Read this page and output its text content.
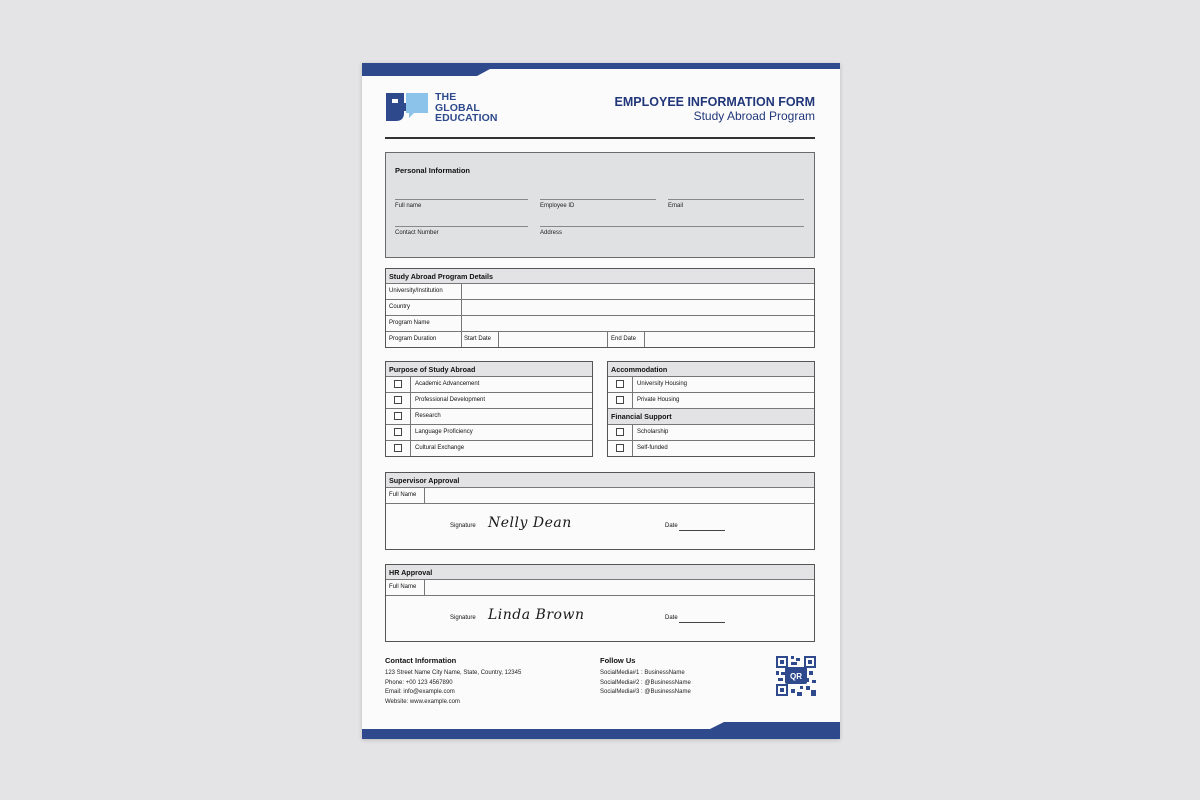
THE
GLOBAL
EDUCATION
EMPLOYEE INFORMATION FORM
Study Abroad Program
Personal Information
Full name	Employee ID	Email
Contact Number	Address
Study Abroad Program Details
University/Institution
Country
Program Name
Program Duration	Start Date	End Date
Purpose of Study Abroad
Academic Advancement
Professional Development
Research
Language Proficiency
Cultural Exchange
Accommodation
University Housing
Private Housing
Financial Support
Scholarship
Self-funded
Supervisor Approval
Full Name
Signature Nelly Dean	Date
HR Approval
Full Name
Signature Linda Brown	Date
Contact Information
123 Street Name City Name, State, Country, 12345
Phone: +00 123 4567890
Email: info@example.com
Website: www.example.com
Follow Us
SocialMedia#1 : BusinessName
SocialMedia#2 : @BusinessName
SocialMedia#3 : @BusinessName
QR
